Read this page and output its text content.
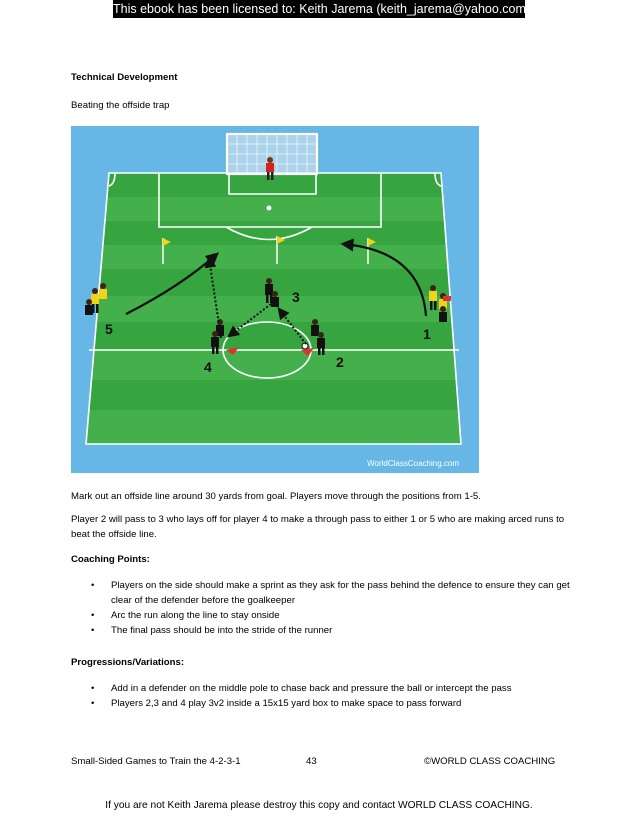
This ebook has been licensed to: Keith Jarema (keith_jarema@yahoo.com)
Technical Development
Beating the offside trap
1
2
3
4
5
WorldClassCoaching.com
Mark out an offside line around 30 yards from goal. Players move through the positions from 1-5.
Player 2 will pass to 3 who lays off for player 4 to make a through pass to either 1 or 5 who are making arced runs to beat the offside line.
Coaching Points:
• Players on the side should make a sprint as they ask for the pass behind the defence to ensure they can get clear of the defender before the goalkeeper
• Arc the run along the line to stay onside
• The final pass should be into the stride of the runner
Progressions/Variations:
• Add in a defender on the middle pole to chase back and pressure the ball or intercept the pass
• Players 2,3 and 4 play 3v2 inside a 15x15 yard box to make space to pass forward
Small-Sided Games to Train the 4-2-3-1	43	©WORLD CLASS COACHING
If you are not Keith Jarema please destroy this copy and contact WORLD CLASS COACHING.
